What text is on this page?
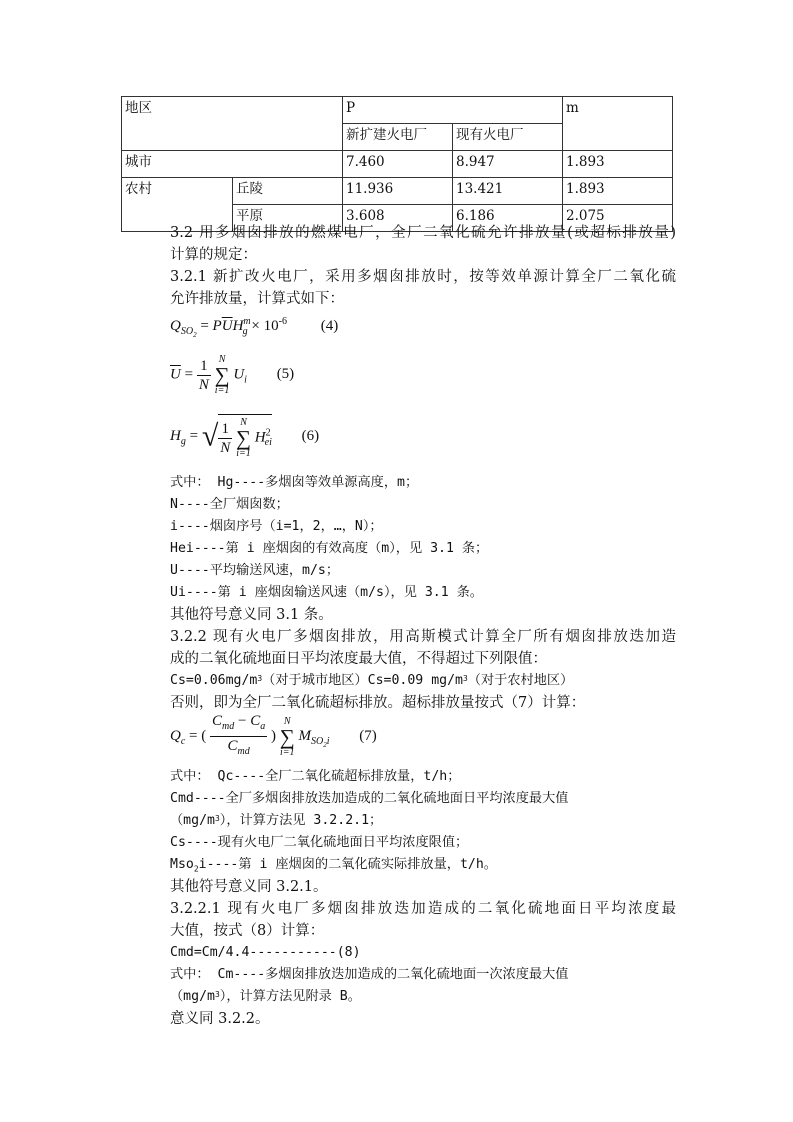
地区		P		m
		新扩建火电厂	现有火电厂	
城市		7.460	8.947	1.893
农村	丘陵	11.936	13.421	1.893
	平原	3.608	6.186	2.075
3.2 用多烟囱排放的燃煤电厂，全厂二氧化硫允许排放量(或超标排放量)
计算的规定：
3.2.1 新扩改火电厂，采用多烟囱排放时，按等效单源计算全厂二氧化硫
允许排放量，计算式如下：
$Q_{SO_2} = P\overline{U}H^m_g \times 10^{-6}$ (4)
$\overline{U} = \frac{1}{N}$
N
∑
i=1
$U_i$ (5)
$H_g$ = √ $\frac{1}{N}$
N
∑
i=1
$H^2_{ei}$ (6)
式中： Hg----多烟囱等效单源高度，m；
N----全厂烟囱数；
i----烟囱序号（i=1，2，…，N）；
Hei----第 i 座烟囱的有效高度（m），见 3.1 条；
U----平均输送风速，m/s；
Ui----第 i 座烟囱输送风速（m/s），见 3.1 条。
其他符号意义同 3.1 条。
3.2.2 现有火电厂多烟囱排放，用高斯模式计算全厂所有烟囱排放迭加造
成的二氧化硫地面日平均浓度最大值，不得超过下列限值：
$Cs=0.06mg/m^3$（对于城市地区）Cs=0.09 $mg/m^3$（对于农村地区）
否则，即为全厂二氧化硫超标排放。超标排放量按式（7）计算：
$Q_c$ = ( $\frac{C_{md} - C_a}{C_{md}}$ )
N
∑
i=1
$M_{SO_2i}$ (7)
式中： Qc----全厂二氧化硫超标排放量，t/h；
Cmd----全厂多烟囱排放迭加造成的二氧化硫地面日平均浓度最大值
$(mg/m^3)$，计算方法见 3.2.2.1；
Cs----现有火电厂二氧化硫地面日平均浓度限值；
Mso$_2$i----第 i 座烟囱的二氧化硫实际排放量，t/h。
其他符号意义同 3.2.1。
3.2.2.1 现有火电厂多烟囱排放迭加造成的二氧化硫地面日平均浓度最
大值，按式（8）计算：
Cmd=Cm/4.4-----------(8)
式中： Cm----多烟囱排放迭加造成的二氧化硫地面一次浓度最大值
$(mg/m^3)$，计算方法见附录 B。
意义同 3.2.2。
